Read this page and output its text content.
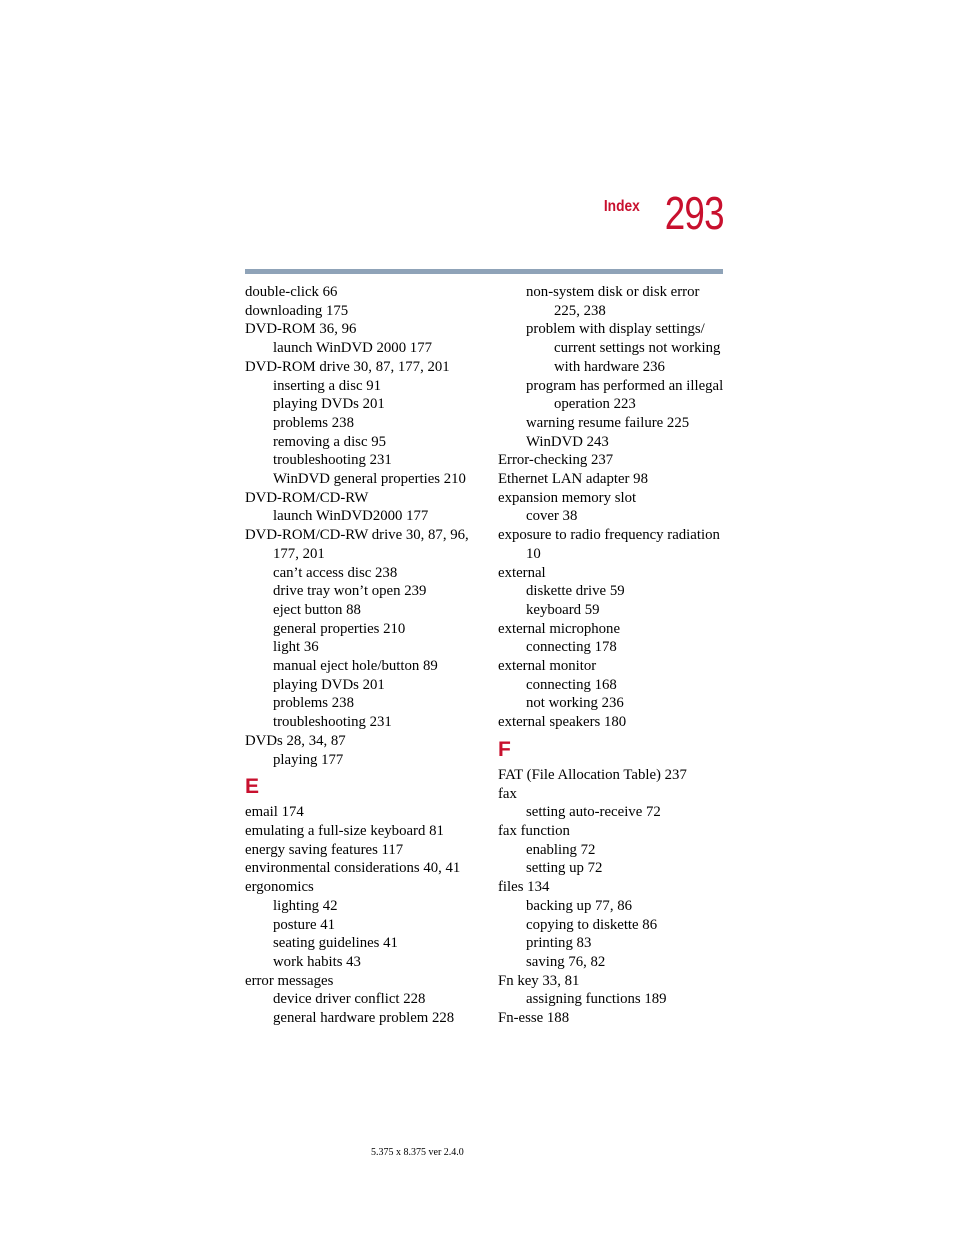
Index 293
double-click 66
downloading 175
DVD-ROM 36, 96
launch WinDVD 2000 177
DVD-ROM drive 30, 87, 177, 201
inserting a disc 91
playing DVDs 201
problems 238
removing a disc 95
troubleshooting 231
WinDVD general properties 210
DVD-ROM/CD-RW
launch WinDVD2000 177
DVD-ROM/CD-RW drive 30, 87, 96, 177, 201
can’t access disc 238
drive tray won’t open 239
eject button 88
general properties 210
light 36
manual eject hole/button 89
playing DVDs 201
problems 238
troubleshooting 231
DVDs 28, 34, 87
playing 177
E
email 174
emulating a full-size keyboard 81
energy saving features 117
environmental considerations 40, 41
ergonomics
lighting 42
posture 41
seating guidelines 41
work habits 43
error messages
device driver conflict 228
general hardware problem 228
non-system disk or disk error 225, 238
problem with display settings/ current settings not working with hardware 236
program has performed an illegal operation 223
warning resume failure 225
WinDVD 243
Error-checking 237
Ethernet LAN adapter 98
expansion memory slot
cover 38
exposure to radio frequency radiation 10
external
diskette drive 59
keyboard 59
external microphone
connecting 178
external monitor
connecting 168
not working 236
external speakers 180
F
FAT (File Allocation Table) 237
fax
setting auto-receive 72
fax function
enabling 72
setting up 72
files 134
backing up 77, 86
copying to diskette 86
printing 83
saving 76, 82
Fn key 33, 81
assigning functions 189
Fn-esse 188
5.375 x 8.375 ver 2.4.0
